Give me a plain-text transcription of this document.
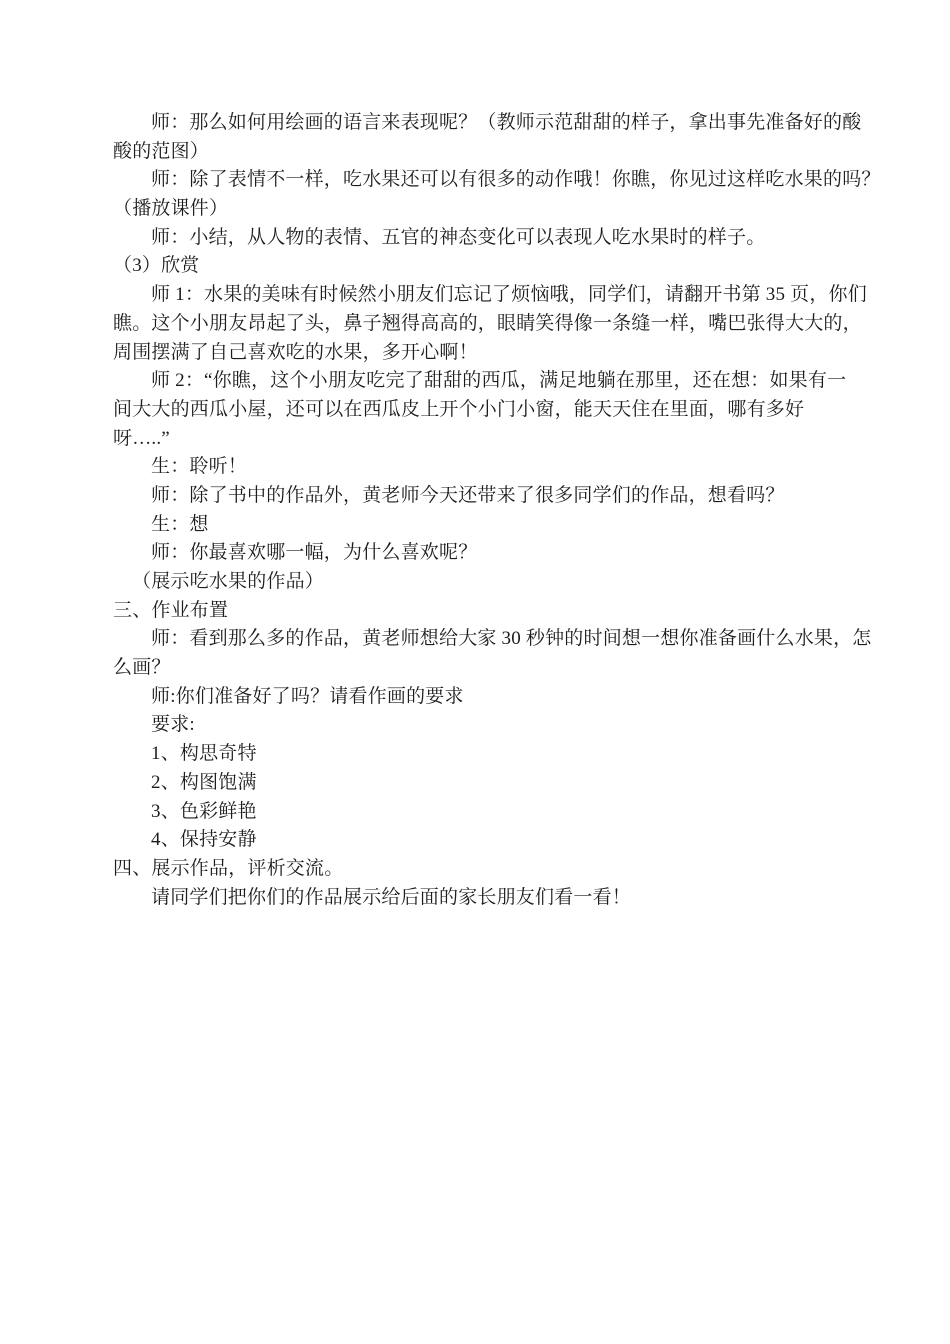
师：那么如何用绘画的语言来表现呢？（教师示范甜甜的样子，拿出事先准备好的酸
酸的范图）
师：除了表情不一样，吃水果还可以有很多的动作哦！你瞧，你见过这样吃水果的吗？
（播放课件）
师：小结，从人物的表情、五官的神态变化可以表现人吃水果时的样子。
（3）欣赏
师 1：水果的美味有时候然小朋友们忘记了烦恼哦，同学们，请翻开书第 35 页，你们
瞧。这个小朋友昂起了头，鼻子翘得高高的，眼睛笑得像一条缝一样，嘴巴张得大大的，
周围摆满了自己喜欢吃的水果，多开心啊！
师 2：“你瞧，这个小朋友吃完了甜甜的西瓜，满足地躺在那里，还在想：如果有一
间大大的西瓜小屋，还可以在西瓜皮上开个小门小窗，能天天住在里面，哪有多好
呀…..”
生：聆听！
师：除了书中的作品外，黄老师今天还带来了很多同学们的作品，想看吗？
生：想
师：你最喜欢哪一幅，为什么喜欢呢？
（展示吃水果的作品）
三、作业布置
师：看到那么多的作品，黄老师想给大家 30 秒钟的时间想一想你准备画什么水果，怎
么画？
师:你们准备好了吗？请看作画的要求
要求:
1、构思奇特
2、构图饱满
3、色彩鲜艳
4、保持安静
四、展示作品，评析交流。
请同学们把你们的作品展示给后面的家长朋友们看一看！
